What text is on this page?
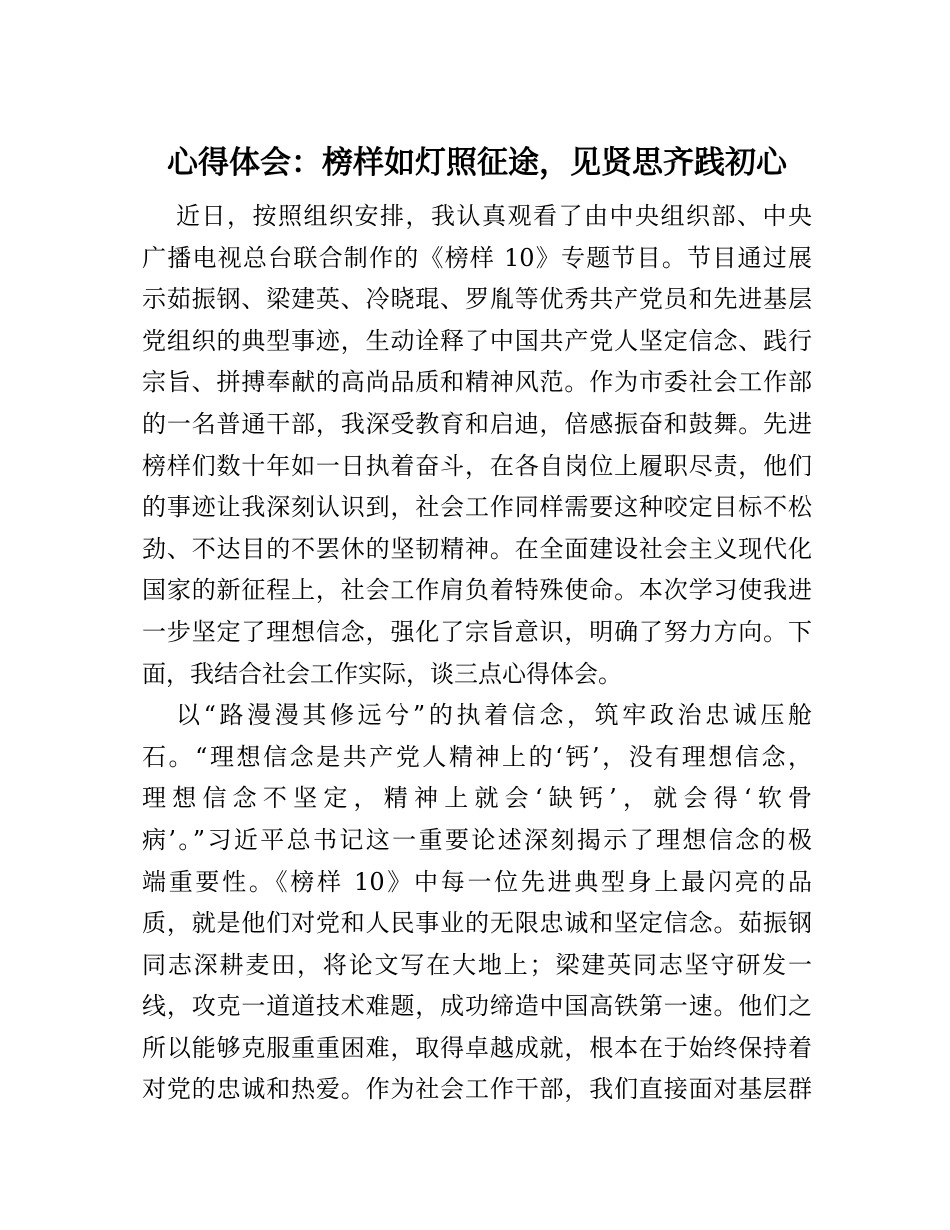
心得体会：榜样如灯照征途，见贤思齐践初心
近日，按照组织安排，我认真观看了由中央组织部、中央
广播电视总台联合制作的《榜样 10》专题节目。节目通过展
示茹振钢、梁建英、冷晓琨、罗胤等优秀共产党员和先进基层
党组织的典型事迹，生动诠释了中国共产党人坚定信念、践行
宗旨、拼搏奉献的高尚品质和精神风范。作为市委社会工作部
的一名普通干部，我深受教育和启迪，倍感振奋和鼓舞。先进
榜样们数十年如一日执着奋斗，在各自岗位上履职尽责，他们
的事迹让我深刻认识到，社会工作同样需要这种咬定目标不松
劲、不达目的不罢休的坚韧精神。在全面建设社会主义现代化
国家的新征程上，社会工作肩负着特殊使命。本次学习使我进
一步坚定了理想信念，强化了宗旨意识，明确了努力方向。下
面，我结合社会工作实际，谈三点心得体会。
以“路漫漫其修远兮”的执着信念，筑牢政治忠诚压舱
石。“理想信念是共产党人精神上的‘钙’，没有理想信念，
理想信念不坚定，精神上就会‘缺钙’，就会得‘软骨
病’。”习近平总书记这一重要论述深刻揭示了理想信念的极
端重要性。《榜样 10》中每一位先进典型身上最闪亮的品
质，就是他们对党和人民事业的无限忠诚和坚定信念。茹振钢
同志深耕麦田，将论文写在大地上；梁建英同志坚守研发一
线，攻克一道道技术难题，成功缔造中国高铁第一速。他们之
所以能够克服重重困难，取得卓越成就，根本在于始终保持着
对党的忠诚和热爱。作为社会工作干部，我们直接面对基层群
